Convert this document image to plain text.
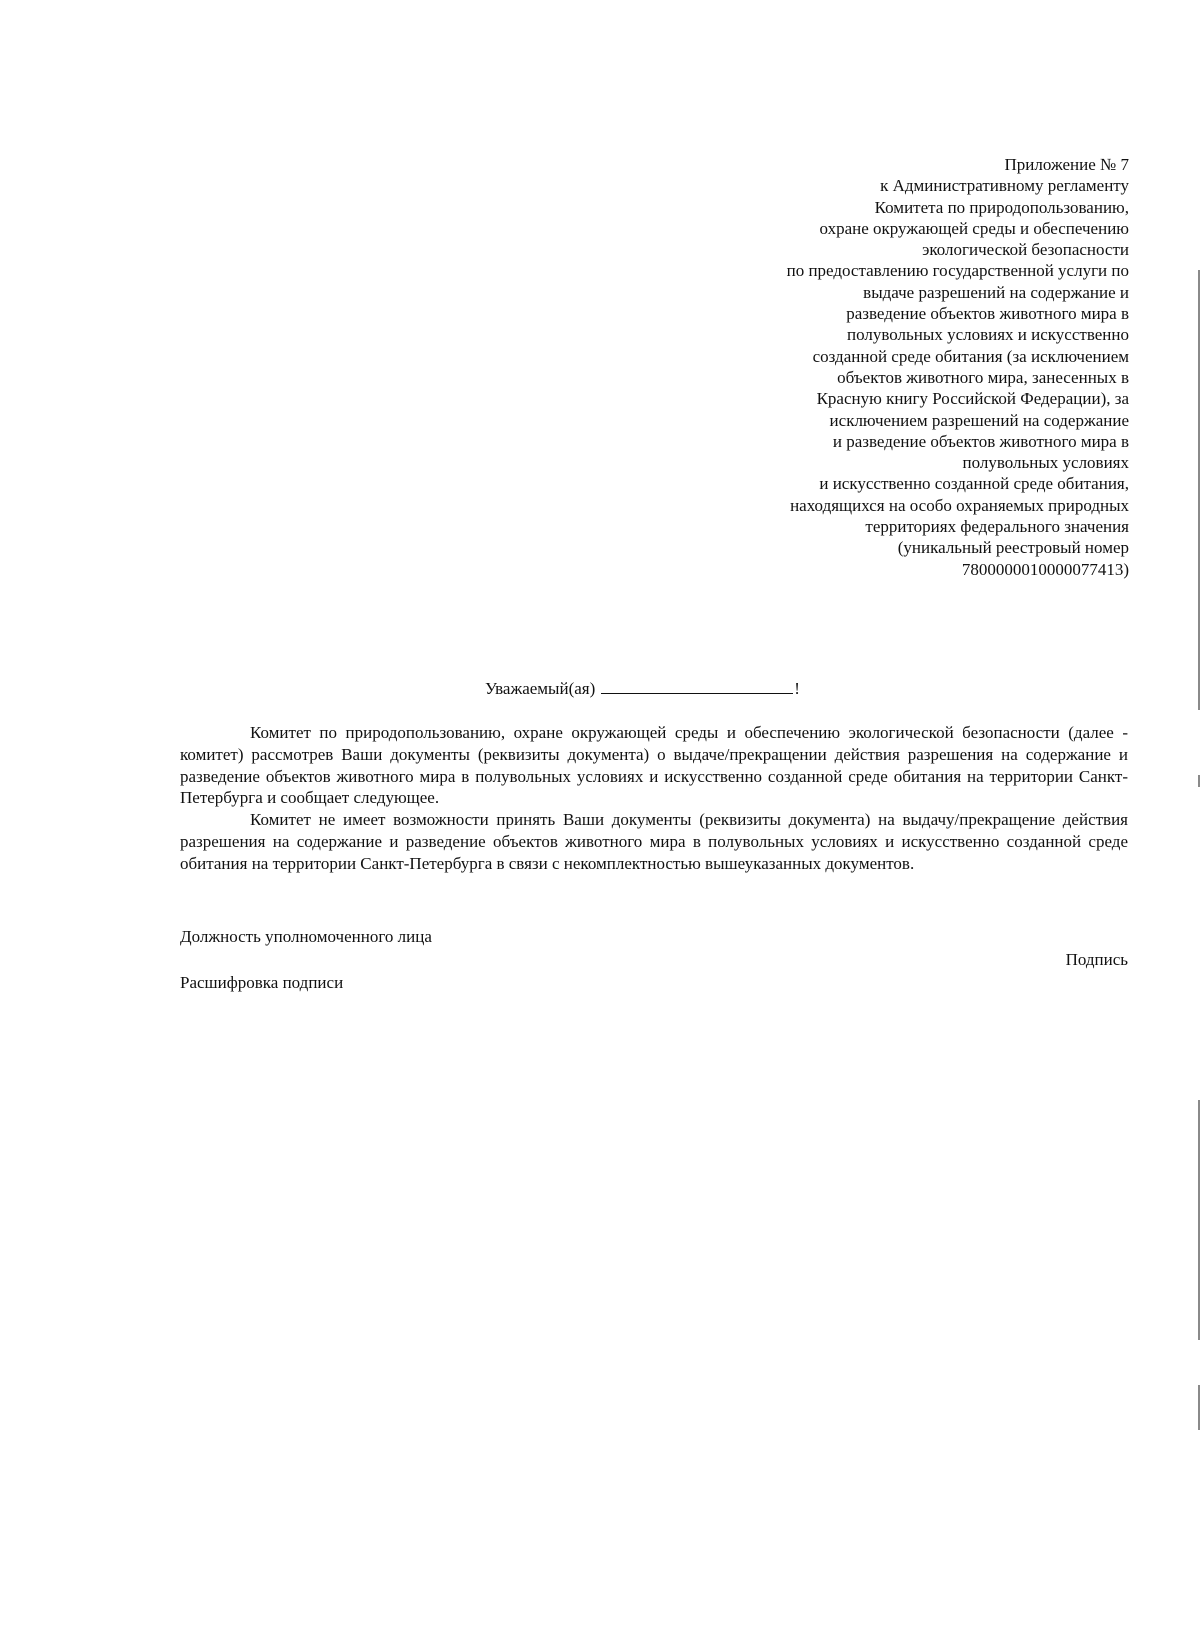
Приложение № 7
к Административному регламенту
Комитета по природопользованию,
охране окружающей среды и обеспечению
экологической безопасности
по предоставлению государственной услуги по
выдаче разрешений на содержание и
разведение объектов животного мира в
полувольных условиях и искусственно
созданной среде обитания (за исключением
объектов животного мира, занесенных в
Красную книгу Российской Федерации), за
исключением разрешений на содержание
и разведение объектов животного мира в
полувольных условиях
и искусственно созданной среде обитания,
находящихся на особо охраняемых природных
территориях федерального значения
(уникальный реестровый номер
7800000010000077413)
Уважаемый(ая)	!

Комитет по природопользованию, охране окружающей среды и обеспечению экологической безопасности (далее - комитет) рассмотрев Ваши документы (реквизиты документа) о выдаче/прекращении действия разрешения на содержание и разведение объектов животного мира в полувольных условиях и искусственно созданной среде обитания на территории Санкт-Петербурга и сообщает следующее.

Комитет не имеет возможности принять Ваши документы (реквизиты документа) на выдачу/прекращение действия разрешения на содержание и разведение объектов животного мира в полувольных условиях и искусственно созданной среде обитания на территории Санкт-Петербурга в связи с некомплектностью вышеуказанных документов.

Должность уполномоченного лица
Подпись
Расшифровка подписи
